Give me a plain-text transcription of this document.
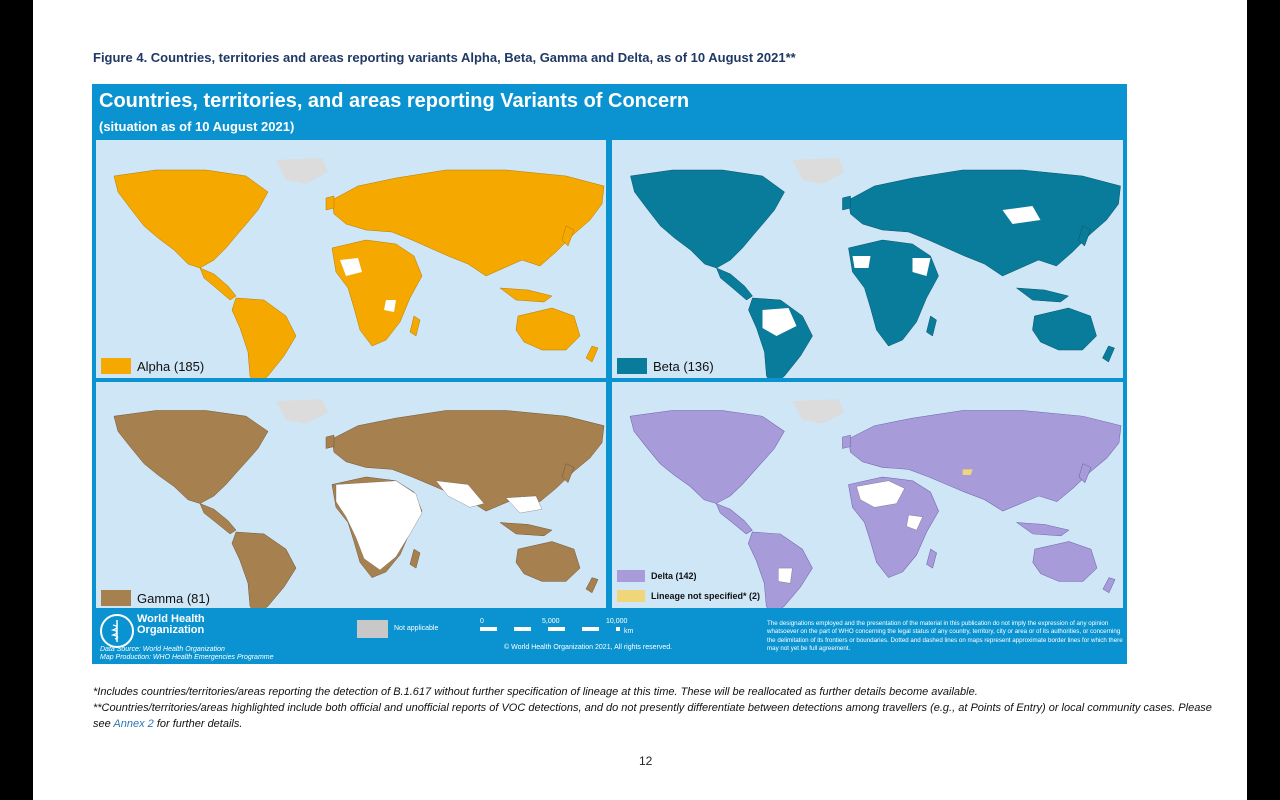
Figure 4. Countries, territories and areas reporting variants Alpha, Beta, Gamma and Delta, as of 10 August 2021**
Countries, territories, and areas reporting Variants of Concern
(situation as of 10 August 2021)
Alpha (185)	Beta (136)
Gamma (81)
Delta (142)
Lineage not specified* (2)
World Health
Organization
Data Source: World Health Organization
Map Production: WHO Health Emergencies Programme
Not applicable
0	5,000	10,000
km
© World Health Organization 2021, All rights reserved.
The designations employed and the presentation of the material in this publication do not imply the expression of any opinion whatsoever on the part of WHO concerning the legal status of any country, territory, city or area or of its authorities, or concerning the delimitation of its frontiers or boundaries. Dotted and dashed lines on maps represent approximate border lines for which there may not yet be full agreement.
*Includes countries/territories/areas reporting the detection of B.1.617 without further specification of lineage at this time. These will be reallocated as further details become available.
**Countries/territories/areas highlighted include both official and unofficial reports of VOC detections, and do not presently differentiate between detections among travellers (e.g., at Points of Entry) or local community cases. Please see Annex 2 for further details.
12
